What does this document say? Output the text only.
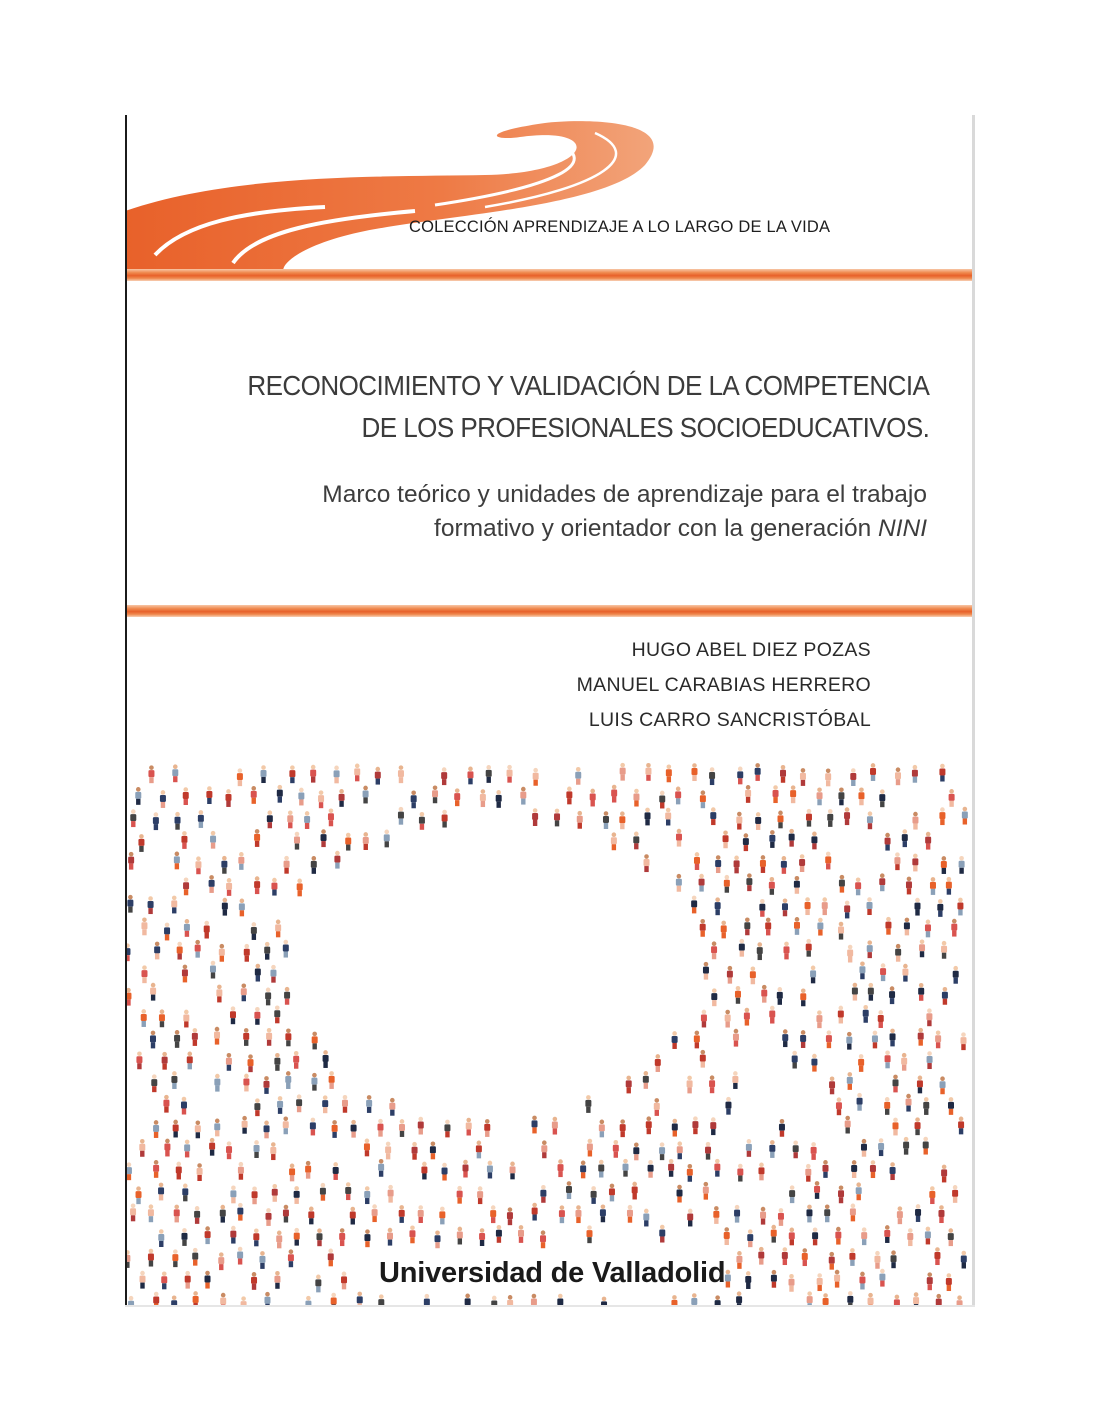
COLECCIÓN APRENDIZAJE A LO LARGO DE LA VIDA
RECONOCIMIENTO Y VALIDACIÓN DE LA COMPETENCIA
DE LOS PROFESIONALES SOCIOEDUCATIVOS.
Marco teórico y unidades de aprendizaje para el trabajo
formativo y orientador con la generación NINI
HUGO ABEL DIEZ POZAS
MANUEL CARABIAS HERRERO
LUIS CARRO SANCRISTÓBAL
Universidad de Valladolid
